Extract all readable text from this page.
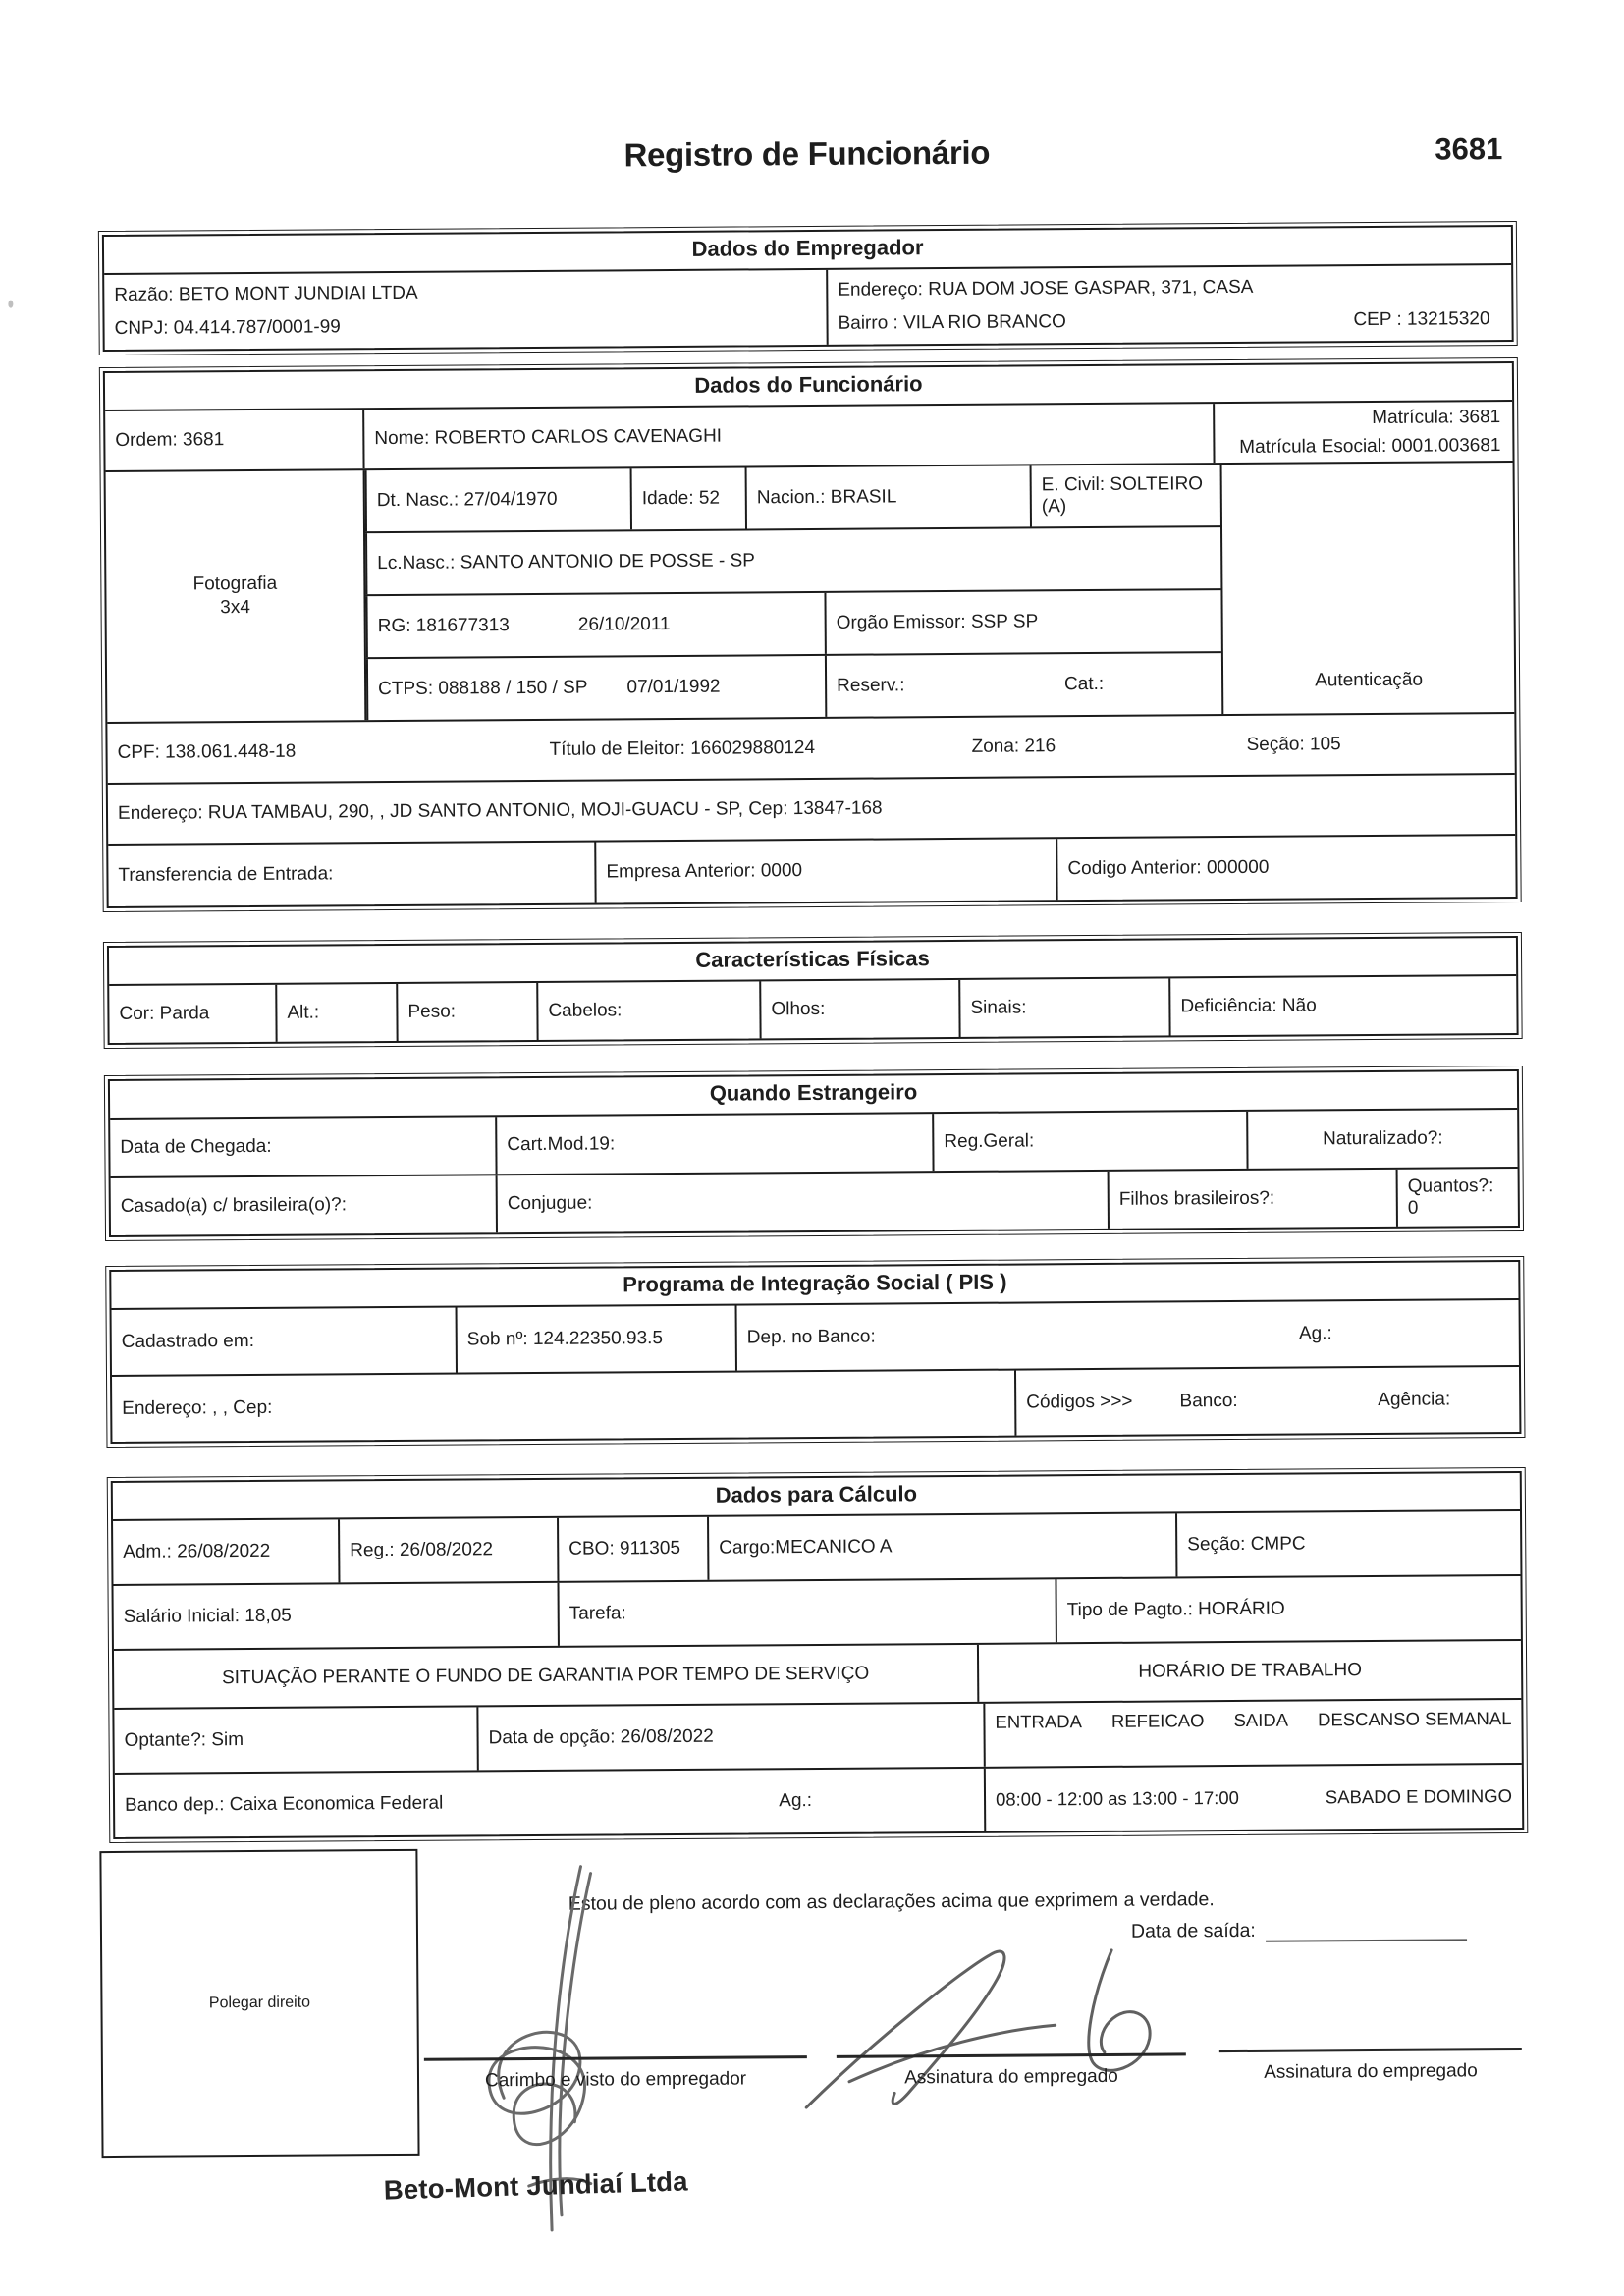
Registro de Funcionário	3681
Dados do Empregador
Razão: BETO MONT JUNDIAI LTDA
CNPJ: 04.414.787/0001-99
Endereço: RUA DOM JOSE GASPAR, 371, CASA
Bairro : VILA RIO BRANCO	CEP : 13215320
Dados do Funcionário
Ordem: 3681	Nome: ROBERTO CARLOS CAVENAGHI
Matrícula: 3681
Matrícula Esocial: 0001.003681
Fotografia
3x4
Dt. Nasc.: 27/04/1970	Idade: 52 Nacion.: BRASIL
E. Civil: SOLTEIRO (A)
Lc.Nasc.: SANTO ANTONIO DE POSSE - SP
RG: 181677313	26/10/2011	Orgão Emissor: SSP SP
CTPS: 088188 / 150 / SP 07/01/1992	Reserv.:	Cat.:	Autenticação
CPF: 138.061.448-18	Título de Eleitor: 166029880124	Zona: 216	Seção: 105
Endereço: RUA TAMBAU, 290, , JD SANTO ANTONIO, MOJI-GUACU - SP, Cep: 13847-168
Transferencia de Entrada:	Empresa Anterior: 0000	Codigo Anterior: 000000
Características Físicas
Cor: Parda	Alt.:	Peso:	Cabelos:	Olhos:	Sinais:	Deficiência: Não
Quando Estrangeiro
Data de Chegada:	Cart.Mod.19:	Reg.Geral:	Naturalizado?:
Casado(a) c/ brasileira(o)?:	Conjugue:	Filhos brasileiros?:
Quantos?: 0
Programa de Integração Social ( PIS )
Cadastrado em:	Sob nº: 124.22350.93.5	Dep. no Banco:	Ag.:
Endereço: , , Cep:	Códigos >>>	Banco:	Agência:
Dados para Cálculo
Adm.: 26/08/2022	Reg.: 26/08/2022	CBO: 911305 Cargo:MECANICO A	Seção: CMPC
Salário Inicial: 18,05	Tarefa:	Tipo de Pagto.: HORÁRIO
SITUAÇÃO PERANTE O FUNDO DE GARANTIA POR TEMPO DE SERVIÇO	HORÁRIO DE TRABALHO
Optante?: Sim	Data de opção: 26/08/2022
ENTRADA REFEICAO SAIDA DESCANSO SEMANAL
Banco dep.: Caixa Economica Federal	Ag.:	08:00 - 12:00 as 13:00 - 17:00	SABADO E DOMINGO
Polegar direito
Estou de pleno acordo com as declarações acima que exprimem a verdade.
Data de saída:
Carimbo e visto do empregador	Assinatura do empregado	Assinatura do empregado
Beto-Mont Jundiaí Ltda
